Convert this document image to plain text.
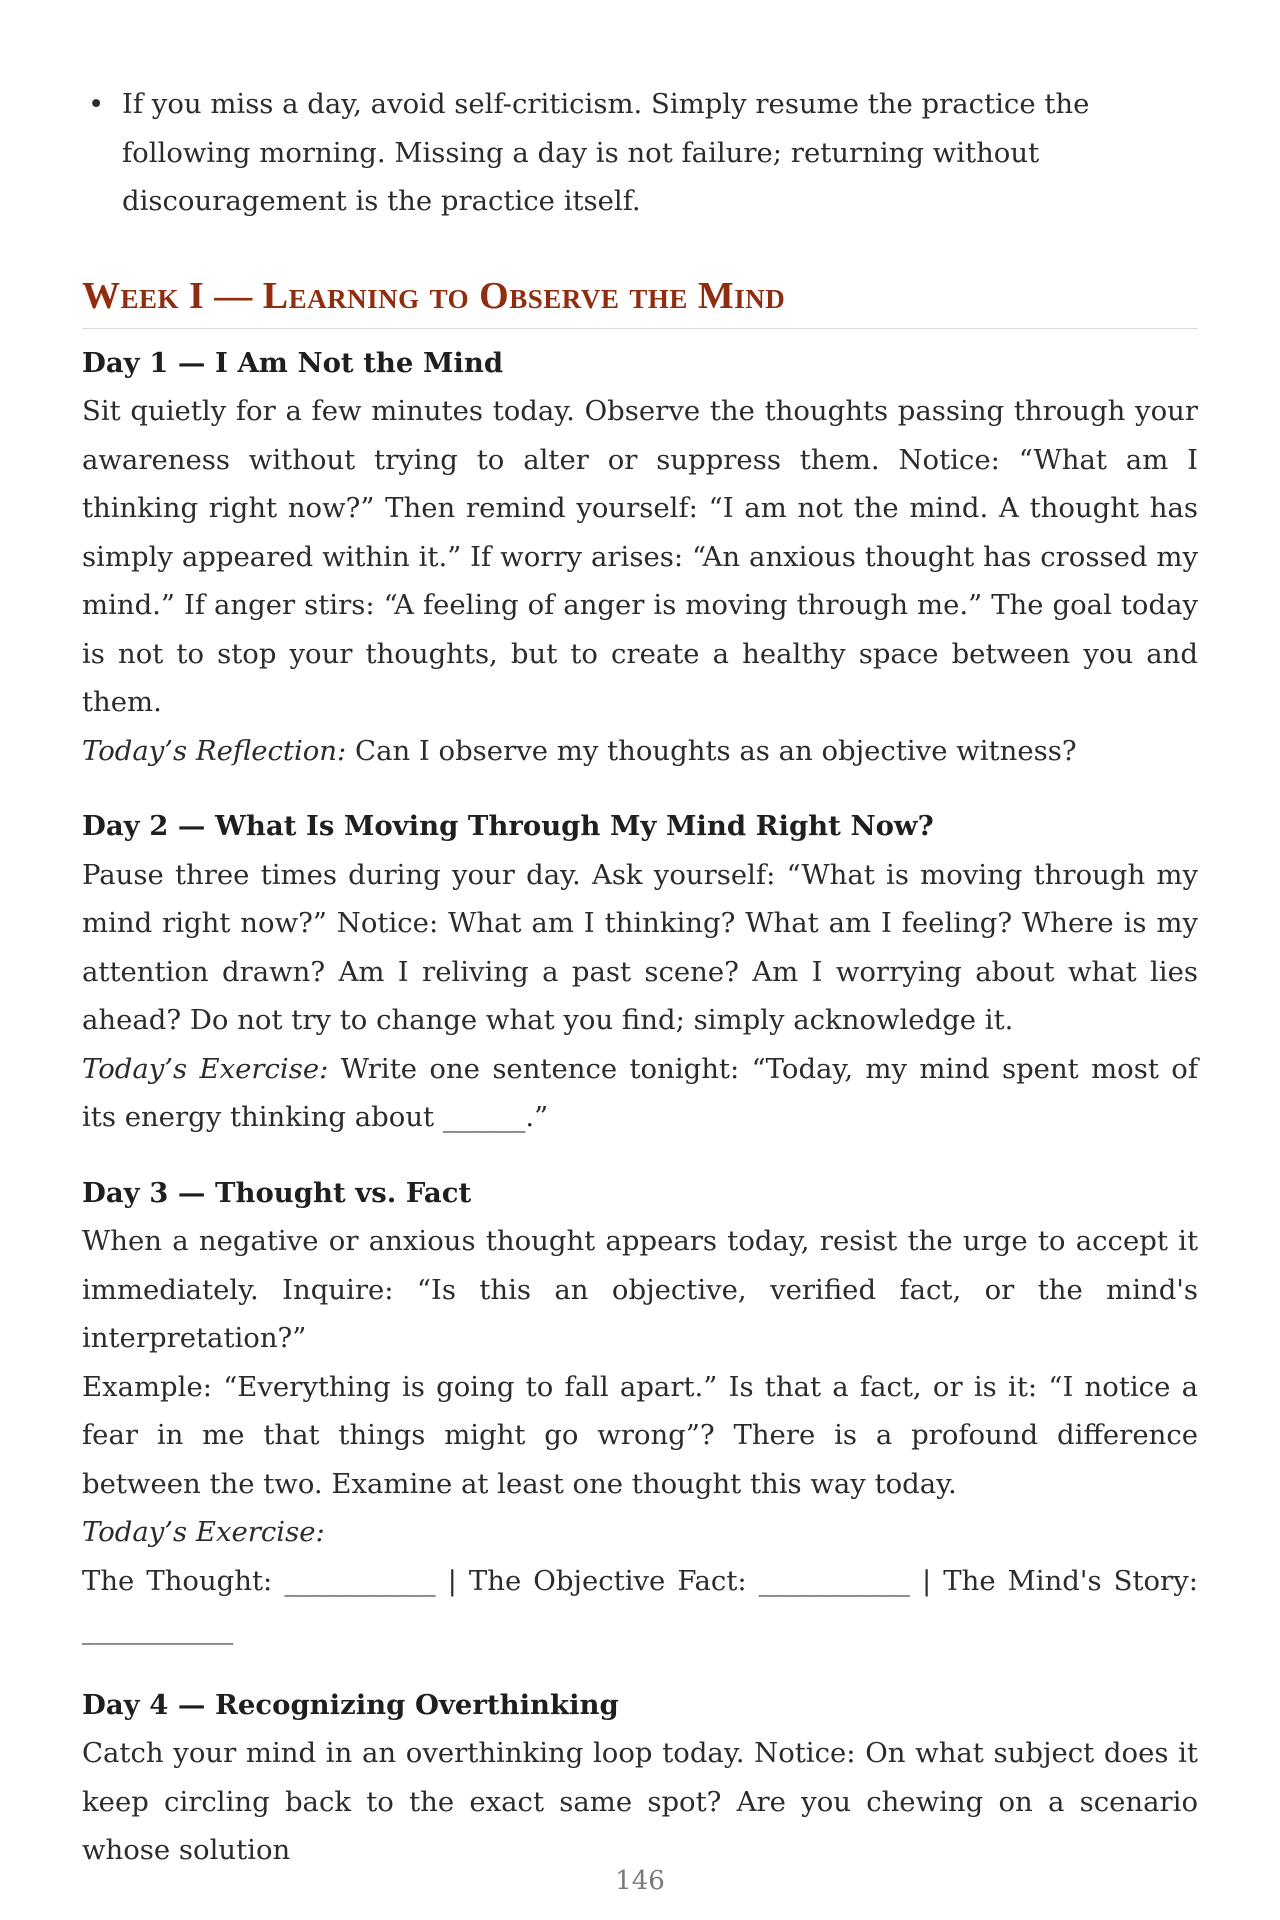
• If you miss a day, avoid self-criticism. Simply resume the practice the following morning. Missing a day is not failure; returning without discouragement is the practice itself.

Week I — Learning to Observe the Mind

Day 1 — I Am Not the Mind

Sit quietly for a few minutes today. Observe the thoughts passing through your awareness without trying to alter or suppress them. Notice: “What am I thinking right now?” Then remind yourself: “I am not the mind. A thought has simply appeared within it.” If worry arises: “An anxious thought has crossed my mind.” If anger stirs: “A feeling of anger is moving through me.” The goal today is not to stop your thoughts, but to create a healthy space between you and them.

Today’s Reflection: Can I observe my thoughts as an objective witness?

Day 2 — What Is Moving Through My Mind Right Now?

Pause three times during your day. Ask yourself: “What is moving through my mind right now?” Notice: What am I thinking? What am I feeling? Where is my attention drawn? Am I reliving a past scene? Am I worrying about what lies ahead? Do not try to change what you find; simply acknowledge it.

Today’s Exercise: Write one sentence tonight: “Today, my mind spent most of its energy thinking about ______.”

Day 3 — Thought vs. Fact

When a negative or anxious thought appears today, resist the urge to accept it immediately. Inquire: “Is this an objective, verified fact, or the mind's interpretation?”

Example: “Everything is going to fall apart.” Is that a fact, or is it: “I notice a fear in me that things might go wrong”? There is a profound difference between the two. Examine at least one thought this way today.

Today’s Exercise:

The Thought: ___________ | The Objective Fact: ___________ | The Mind's Story: ___________

Day 4 — Recognizing Overthinking

Catch your mind in an overthinking loop today. Notice: On what subject does it keep circling back to the exact same spot? Are you chewing on a scenario whose solution

146
